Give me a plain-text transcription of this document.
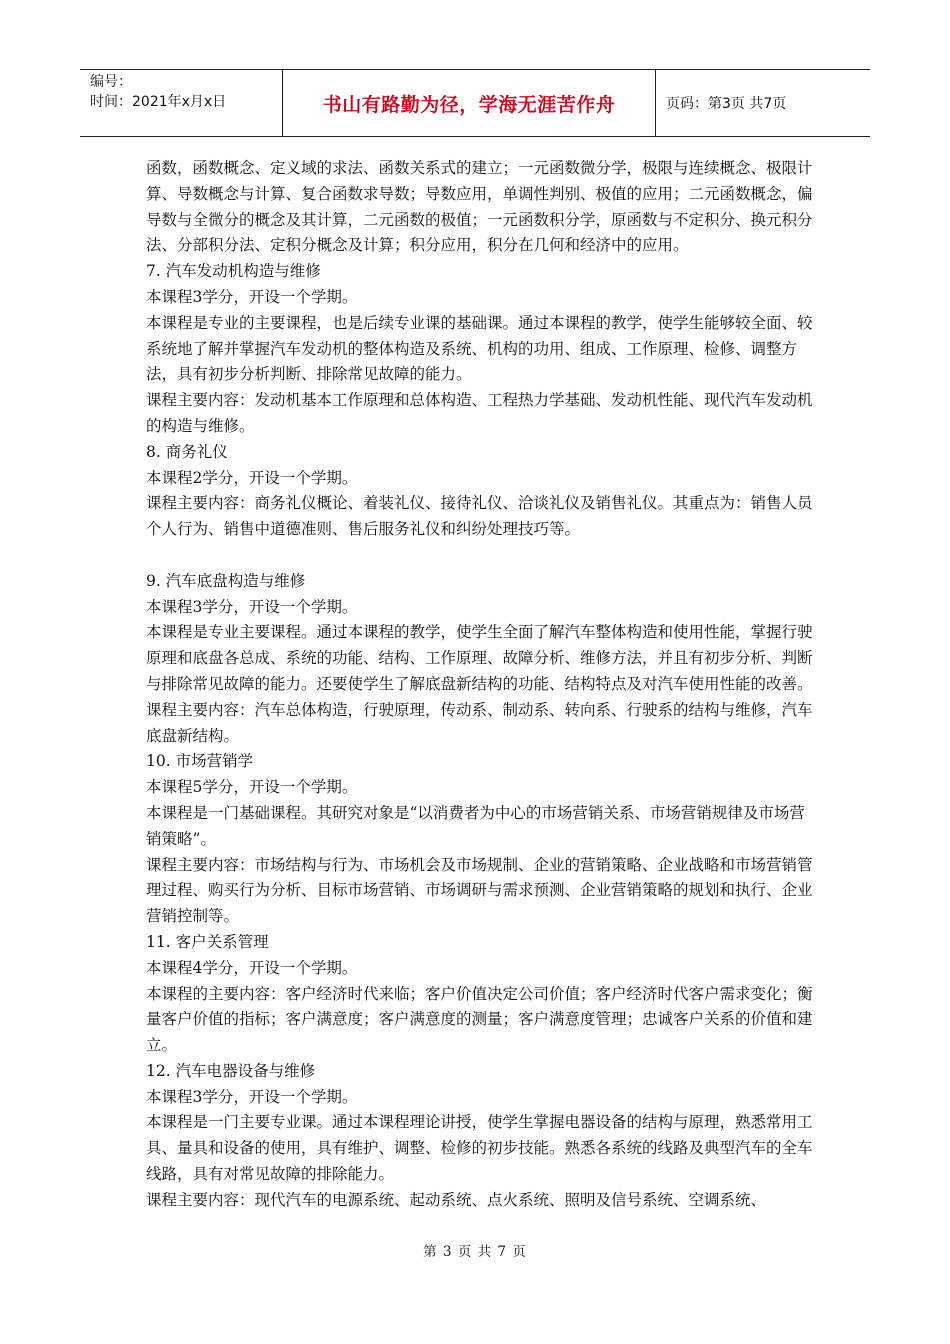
编号：
时间：2021年x月x日	书山有路勤为径，学海无涯苦作舟	页码：第3页 共7页

函数，函数概念、定义域的求法、函数关系式的建立；一元函数微分学，极限与连续概念、极限计算、导数概念与计算、复合函数求导数；导数应用，单调性判别、极值的应用；二元函数概念，偏导数与全微分的概念及其计算，二元函数的极值；一元函数积分学，原函数与不定积分、换元积分法、分部积分法、定积分概念及计算；积分应用，积分在几何和经济中的应用。

7. 汽车发动机构造与维修

本课程3学分，开设一个学期。

本课程是专业的主要课程，也是后续专业课的基础课。通过本课程的教学，使学生能够较全面、较系统地了解并掌握汽车发动机的整体构造及系统、机构的功用、组成、工作原理、检修、调整方法，具有初步分析判断、排除常见故障的能力。

课程主要内容：发动机基本工作原理和总体构造、工程热力学基础、发动机性能、现代汽车发动机的构造与维修。

8. 商务礼仪

本课程2学分，开设一个学期。

课程主要内容：商务礼仪概论、着装礼仪、接待礼仪、洽谈礼仪及销售礼仪。其重点为：销售人员个人行为、销售中道德准则、售后服务礼仪和纠纷处理技巧等。

9. 汽车底盘构造与维修

本课程3学分，开设一个学期。

本课程是专业主要课程。通过本课程的教学，使学生全面了解汽车整体构造和使用性能，掌握行驶原理和底盘各总成、系统的功能、结构、工作原理、故障分析、维修方法，并且有初步分析、判断与排除常见故障的能力。还要使学生了解底盘新结构的功能、结构特点及对汽车使用性能的改善。

课程主要内容：汽车总体构造，行驶原理，传动系、制动系、转向系、行驶系的结构与维修，汽车底盘新结构。

10. 市场营销学

本课程5学分，开设一个学期。

本课程是一门基础课程。其研究对象是“以消费者为中心的市场营销关系、市场营销规律及市场营销策略”。

课程主要内容：市场结构与行为、市场机会及市场规制、企业的营销策略、企业战略和市场营销管理过程、购买行为分析、目标市场营销、市场调研与需求预测、企业营销策略的规划和执行、企业营销控制等。

11. 客户关系管理

本课程4学分，开设一个学期。

本课程的主要内容：客户经济时代来临；客户价值决定公司价值；客户经济时代客户需求变化；衡量客户价值的指标；客户满意度；客户满意度的测量；客户满意度管理；忠诚客户关系的价值和建立。

12. 汽车电器设备与维修

本课程3学分，开设一个学期。

本课程是一门主要专业课。通过本课程理论讲授，使学生掌握电器设备的结构与原理，熟悉常用工具、量具和设备的使用，具有维护、调整、检修的初步技能。熟悉各系统的线路及典型汽车的全车线路，具有对常见故障的排除能力。

课程主要内容：现代汽车的电源系统、起动系统、点火系统、照明及信号系统、空调系统、

第 3 页 共 7 页
